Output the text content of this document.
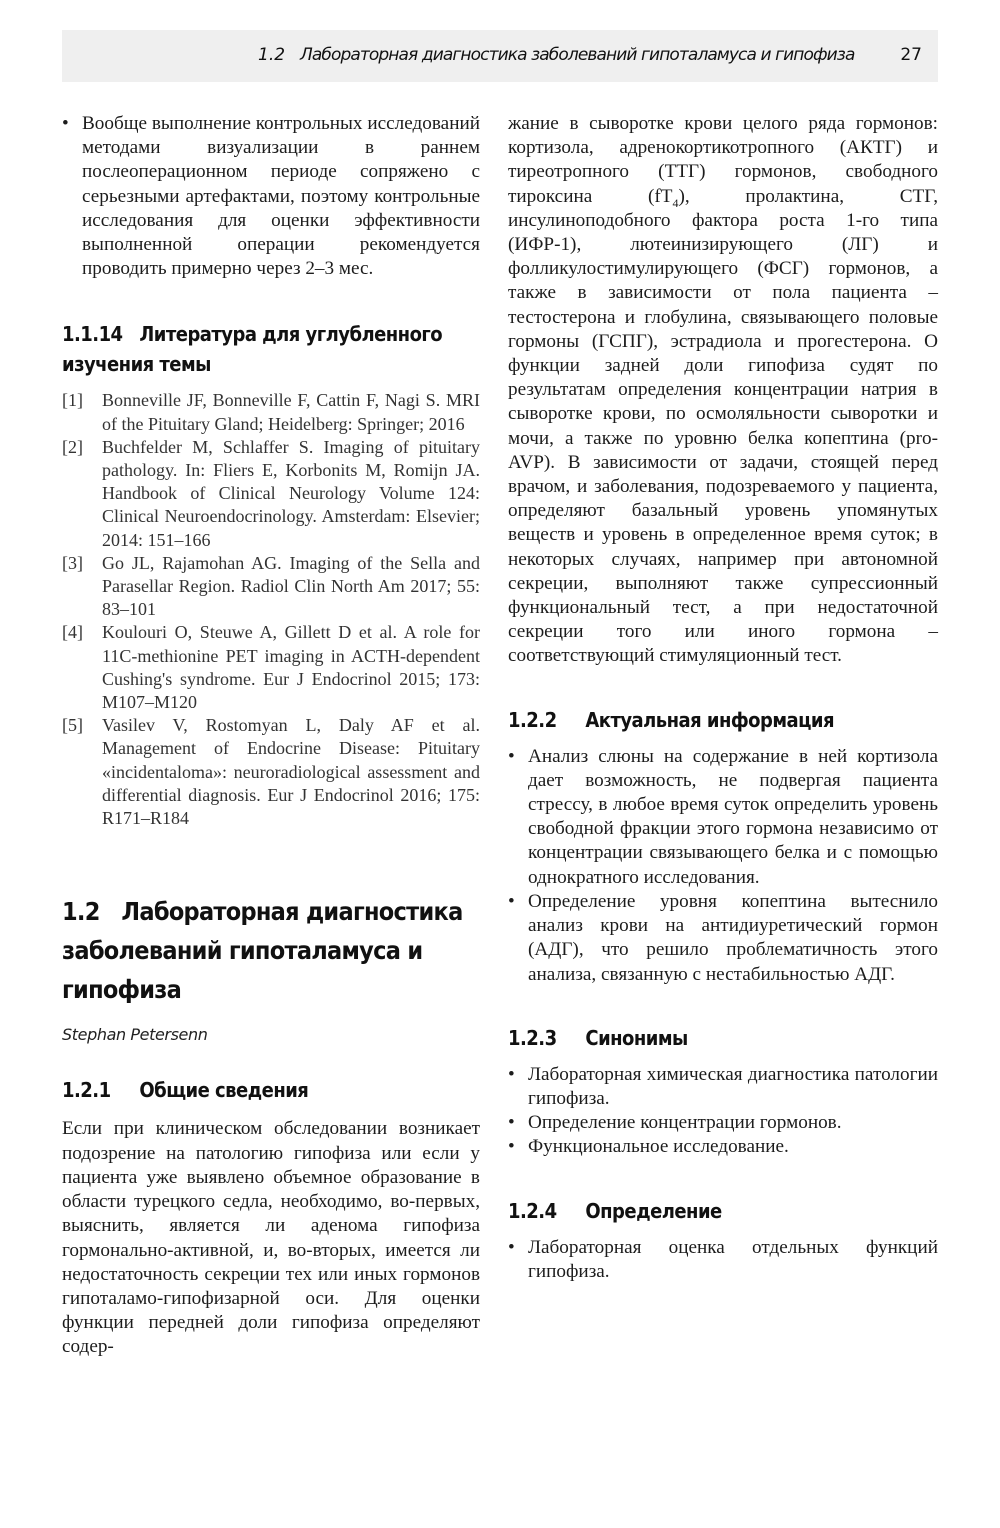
1.2 Лабораторная диагностика заболеваний гипоталамуса и гипофиза	27
• Вообще выполнение контрольных исследований методами визуализации в раннем послеоперационном периоде сопряжено с серьезными артефактами, поэтому контрольные исследования для оценки эффективности выполненной операции рекомендуется проводить примерно через 2–3 мес.
1.1.14 Литература для углубленного изучения темы
[1] Bonneville JF, Bonneville F, Cattin F, Nagi S. MRI of the Pituitary Gland; Heidelberg: Springer; 2016
[2] Buchfelder M, Schlaffer S. Imaging of pituitary pathology. In: Fliers E, Korbonits M, Romijn JA. Handbook of Clinical Neurology Volume 124: Clinical Neuroendocrinology. Amsterdam: Elsevier; 2014: 151–166
[3] Go JL, Rajamohan AG. Imaging of the Sella and Parasellar Region. Radiol Clin North Am 2017; 55: 83–101
[4] Koulouri O, Steuwe A, Gillett D et al. A role for 11C-methionine PET imaging in ACTH-dependent Cushing's syndrome. Eur J Endocrinol 2015; 173: M107–M120
[5] Vasilev V, Rostomyan L, Daly AF et al. Management of Endocrine Disease: Pituitary «incidentaloma»: neuroradiological assessment and differential diagnosis. Eur J Endocrinol 2016; 175: R171–R184
1.2 Лабораторная диагностика заболеваний гипоталамуса и гипофиза
Stephan Petersenn
1.2.1 Общие сведения

Если при клиническом обследовании возникает подозрение на патологию гипофиза или если у пациента уже выявлено объемное образование в области турецкого седла, необходимо, во-первых, выяснить, является ли аденома гипофиза гормонально-активной, и, во-вторых, имеется ли недостаточность секреции тех или иных гормонов гипоталамо-гипофизарной оси. Для оценки функции передней доли гипофиза определяют содер-

жание в сыворотке крови целого ряда гормонов: кортизола, адренокортикотропного (АКТГ) и тиреотропного (ТТГ) гормонов, свободного тироксина $(fT_4)$, пролактина, СТГ, инсулиноподобного фактора роста 1-го типа (ИФР-1), лютеинизирующего (ЛГ) и фолликулостимулирующего (ФСГ) гормонов, а также в зависимости от пола пациента – тестостерона и глобулина, связывающего половые гормоны (ГСПГ), эстрадиола и прогестерона. О функции задней доли гипофиза судят по результатам определения концентрации натрия в сыворотке крови, по осмоляльности сыворотки и мочи, а также по уровню белка копептина (pro-AVP). В зависимости от задачи, стоящей перед врачом, и заболевания, подозреваемого у пациента, определяют базальный уровень упомянутых веществ и уровень в определенное время суток; в некоторых случаях, например при автономной секреции, выполняют также супрессионный функциональный тест, а при недостаточной секреции того или иного гормона – соответствующий стимуляционный тест.

1.2.2 Актуальная информация
• Анализ слюны на содержание в ней кортизола дает возможность, не подвергая пациента стрессу, в любое время суток определить уровень свободной фракции этого гормона независимо от концентрации связывающего белка и с помощью однократного исследования.
• Определение уровня копептина вытеснило анализ крови на антидиуретический гормон (АДГ), что решило проблематичность этого анализа, связанную с нестабильностью АДГ.
1.2.3 Синонимы
• Лабораторная химическая диагностика патологии гипофиза.
• Определение концентрации гормонов.
• Функциональное исследование.
1.2.4 Определение
• Лабораторная оценка отдельных функций гипофиза.
